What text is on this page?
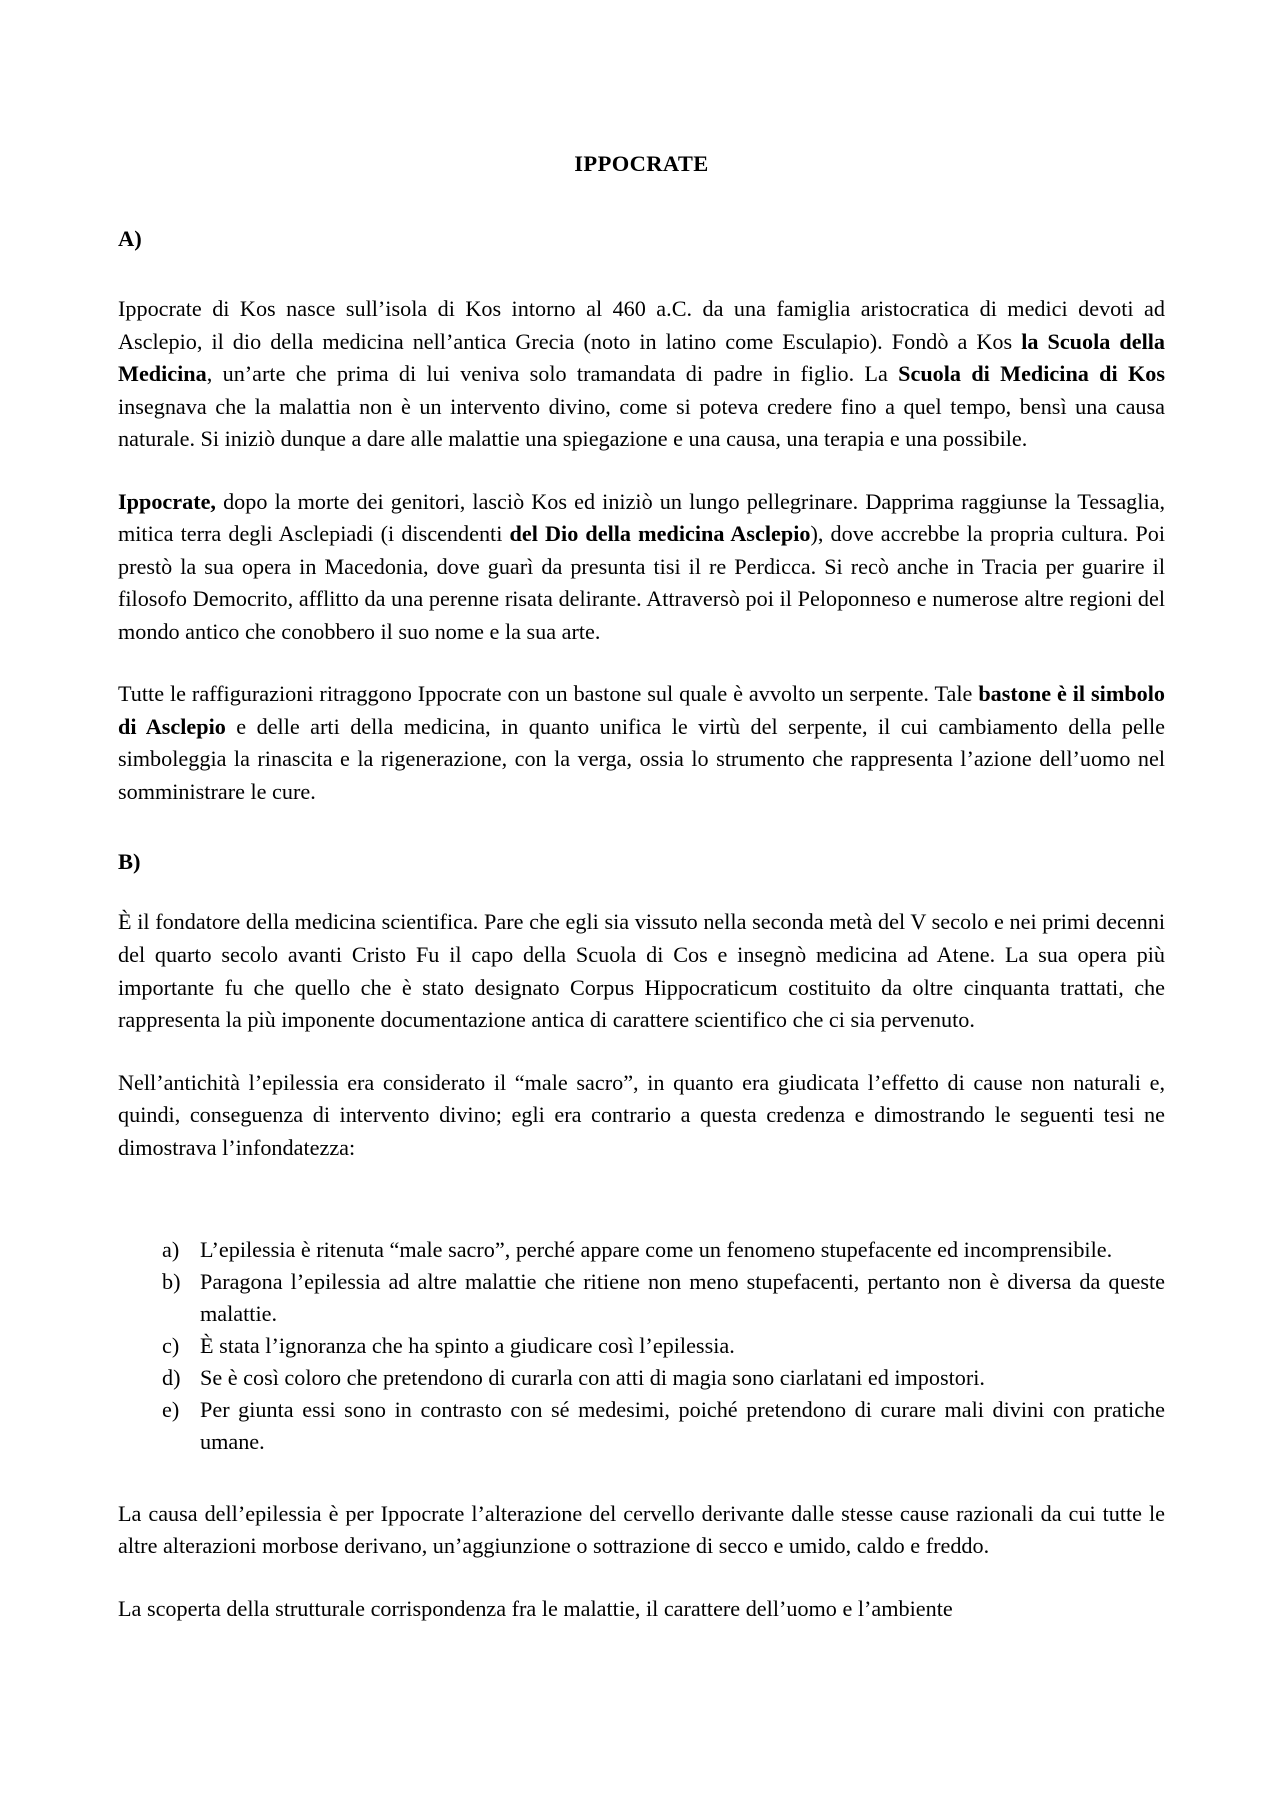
IPPOCRATE
A)

Ippocrate di Kos nasce sull’isola di Kos intorno al 460 a.C. da una famiglia aristocratica di medici devoti ad Asclepio, il dio della medicina nell’antica Grecia (noto in latino come Esculapio). Fondò a Kos la Scuola della Medicina, un’arte che prima di lui veniva solo tramandata di padre in figlio. La Scuola di Medicina di Kos insegnava che la malattia non è un intervento divino, come si poteva credere fino a quel tempo, bensì una causa naturale. Si iniziò dunque a dare alle malattie una spiegazione e una causa, una terapia e una possibile.

Ippocrate, dopo la morte dei genitori, lasciò Kos ed iniziò un lungo pellegrinare. Dapprima raggiunse la Tessaglia, mitica terra degli Asclepiadi (i discendenti del Dio della medicina Asclepio), dove accrebbe la propria cultura. Poi prestò la sua opera in Macedonia, dove guarì da presunta tisi il re Perdicca. Si recò anche in Tracia per guarire il filosofo Democrito, afflitto da una perenne risata delirante. Attraversò poi il Peloponneso e numerose altre regioni del mondo antico che conobbero il suo nome e la sua arte.

Tutte le raffigurazioni ritraggono Ippocrate con un bastone sul quale è avvolto un serpente. Tale bastone è il simbolo di Asclepio e delle arti della medicina, in quanto unifica le virtù del serpente, il cui cambiamento della pelle simboleggia la rinascita e la rigenerazione, con la verga, ossia lo strumento che rappresenta l’azione dell’uomo nel somministrare le cure.

B)

È il fondatore della medicina scientifica. Pare che egli sia vissuto nella seconda metà del V secolo e nei primi decenni del quarto secolo avanti Cristo Fu il capo della Scuola di Cos e insegnò medicina ad Atene. La sua opera più importante fu che quello che è stato designato Corpus Hippocraticum costituito da oltre cinquanta trattati, che rappresenta la più imponente documentazione antica di carattere scientifico che ci sia pervenuto.

Nell’antichità l’epilessia era considerato il “male sacro”, in quanto era giudicata l’effetto di cause non naturali e, quindi, conseguenza di intervento divino; egli era contrario a questa credenza e dimostrando le seguenti tesi ne dimostrava l’infondatezza:

a) L’epilessia è ritenuta “male sacro”, perché appare come un fenomeno stupefacente ed incomprensibile.
b) Paragona l’epilessia ad altre malattie che ritiene non meno stupefacenti, pertanto non è diversa da queste malattie.
c) È stata l’ignoranza che ha spinto a giudicare così l’epilessia.
d) Se è così coloro che pretendono di curarla con atti di magia sono ciarlatani ed impostori.
e) Per giunta essi sono in contrasto con sé medesimi, poiché pretendono di curare mali divini con pratiche umane.

La causa dell’epilessia è per Ippocrate l’alterazione del cervello derivante dalle stesse cause razionali da cui tutte le altre alterazioni morbose derivano, un’aggiunzione o sottrazione di secco e umido, caldo e freddo.

La scoperta della strutturale corrispondenza fra le malattie, il carattere dell’uomo e l’ambiente
